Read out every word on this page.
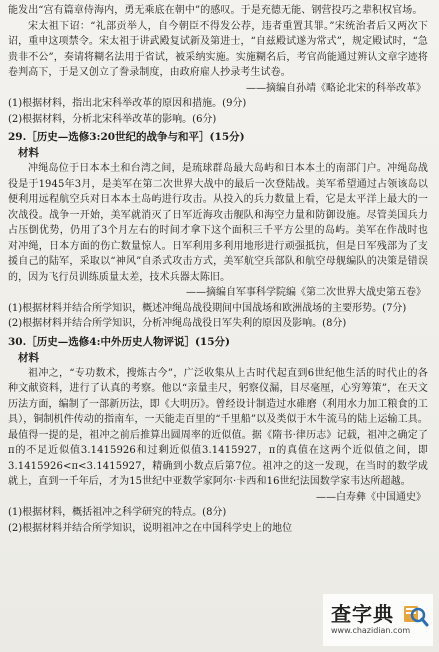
能发出“宫有篇章侍海内，勇无乘底在朝中”的感叹。于是充德无能、钢营投巧之辈积权官场。

宋太祖下诏：“礼部贡举人，自今朝臣不得发公荐，违者重置其罪。”宋统治者后又两次下诏，重申这项禁令。宋太祖于讲武殿复试新及第进士，“自兹殿试遂为常式”，规定殿试时，“急贵非不公”，奏请将糊名法用于省试，被采纳实施。实施糊名后，考官尚能通过辨认文章字迹将卷判高下，于是又创立了誊录制度，由政府雇人抄录考生试卷。

——摘编自孙靖《略论北宋的科举改革》

(1)根据材料，指出北宋科举改革的原因和措施。(9分)

(2)根据材料，分析北宋科举改革的影响。(6分)

29.［历史—选修3:20世纪的战争与和平］(15分)

材料

冲绳岛位于日本本土和台湾之间，是琉球群岛最大岛屿和日本本土的南部门户。冲绳岛战役是于1945年3月，是美军在第二次世界大战中的最后一次登陆战。美军希望通过占领该岛以便利用远程航空兵对日本本土岛屿进行攻击。从投入的兵力数量上看，它是太平洋上最大的一次战役。战争一开始，美军就消灭了日军近海攻击舰队和海空力量和防御设施。尽管美国兵力占压倒优势，仍用了3个月左右的时间才拿下这个面积三千平方公里的岛屿。美军在作战时也对冲绳，日本方面的伤亡数量惊人。日军利用多利用地形进行顽强抵抗，但是日军残部为了支援自己的陆军，采取以“神风”自杀式攻击方式，美军航空兵部队和航空母舰编队的决策是错误的，因为飞行员训练质量太差，技术兵器太陈旧。

——摘编自军事科学院编《第二次世界大战史第五卷》

(1)根据材料并结合所学知识，概述冲绳岛战役期间中国战场和欧洲战场的主要形势。(7分)

(2)根据材料并结合所学知识，分析冲绳岛战役日军失利的原因及影响。(8分)

30.［历史—选修4:中外历史人物评说］(15分)

材料

祖冲之，“专功数术，搜炼古今”，广泛收集从上古时代起直到6世纪他生活的时代止的各种文献资料，进行了认真的考察。他以“亲量圭尺，躬察仪漏，目尽毫厘，心穷筹策”，在天文历法方面，编制了一部新历法，即《大明历》。曾经设计制造过水碓磨（利用水力加工粮食的工具），铜制机件传动的指南车，一天能走百里的“千里船”以及类似于木牛流马的陆上运输工具。最值得一提的是，祖冲之前后推算出圆周率的近似值。据《隋书·律历志》记载，祖冲之确定了π的不足近似值3.1415926和过剩近似值3.1415927，π的真值在这两个近似值之间，即3.1415926<π<3.1415927，精确到小数点后第7位。祖冲之的这一发现，在当时的数学成就上，直到一千年后，才为15世纪中亚数学家阿尔·卡西和16世纪法国数学家韦达所超越。

——白寿彝《中国通史》

(1)根据材料，概括祖冲之科学研究的特点。(8分)

(2)根据材料并结合所学知识，说明祖冲之在中国科学史上的地位

查字典
www.chazidian.com
